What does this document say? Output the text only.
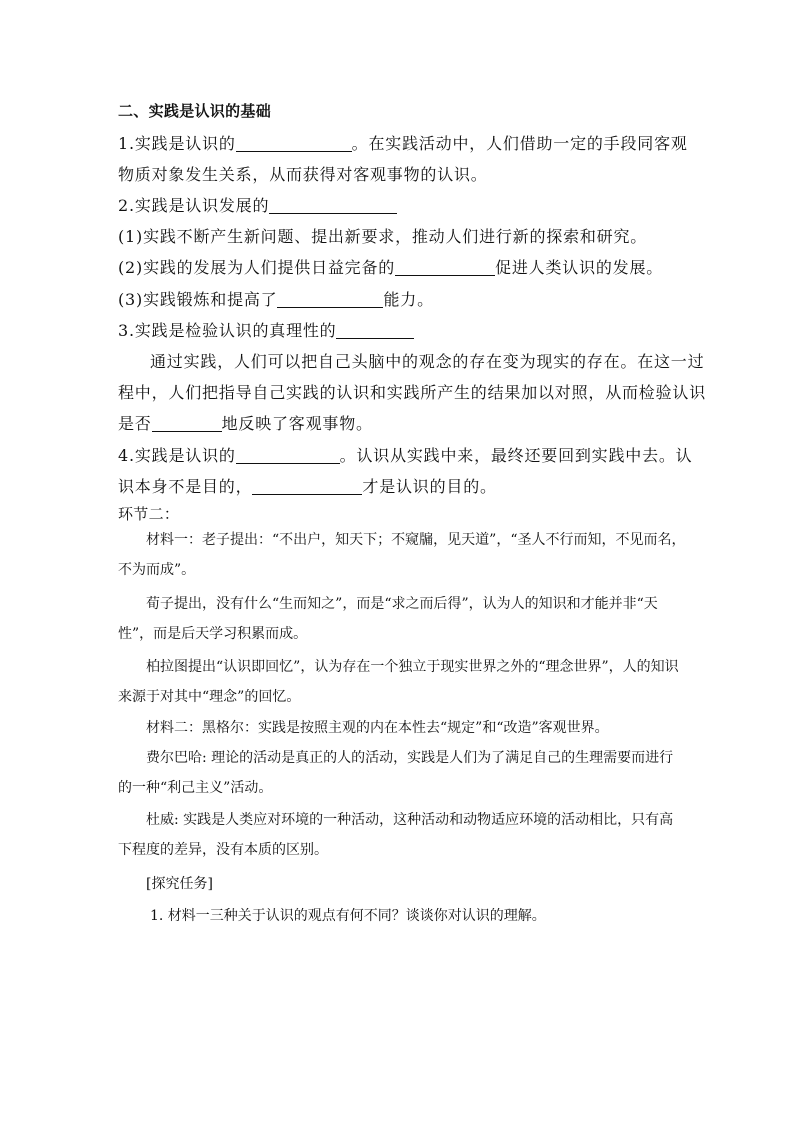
二、实践是认识的基础
1.实践是认识的	。在实践活动中，人们借助一定的手段同客观
物质对象发生关系，从而获得对客观事物的认识。
2.实践是认识发展的
(1)实践不断产生新问题、提出新要求，推动人们进行新的探索和研究。
(2)实践的发展为人们提供日益完备的	促进人类认识的发展。
(3)实践锻炼和提高了	能力。
3.实践是检验认识的真理性的
通过实践，人们可以把自己头脑中的观念的存在变为现实的存在。在这一过
程中，人们把指导自己实践的认识和实践所产生的结果加以对照，从而检验认识
是否	地反映了客观事物。
4.实践是认识的	。认识从实践中来，最终还要回到实践中去。认
识本身不是目的，	才是认识的目的。
环节二：
材料一：老子提出：“不出户，知天下；不窥牖，见天道”，“圣人不行而知，不见而名，
不为而成”。
荀子提出，没有什么“生而知之”，而是“求之而后得”，认为人的知识和才能并非“天
性”，而是后天学习积累而成。
柏拉图提出“认识即回忆”，认为存在一个独立于现实世界之外的“理念世界”，人的知识
来源于对其中“理念”的回忆。
材料二：黑格尔：实践是按照主观的内在本性去“规定”和“改造”客观世界。
费尔巴哈: 理论的活动是真正的人的活动，实践是人们为了满足自己的生理需要而进行
的一种“利己主义”活动。
杜威: 实践是人类应对环境的一种活动，这种活动和动物适应环境的活动相比，只有高
下程度的差异，没有本质的区别。
[探究任务]
1. 材料一三种关于认识的观点有何不同？谈谈你对认识的理解。
